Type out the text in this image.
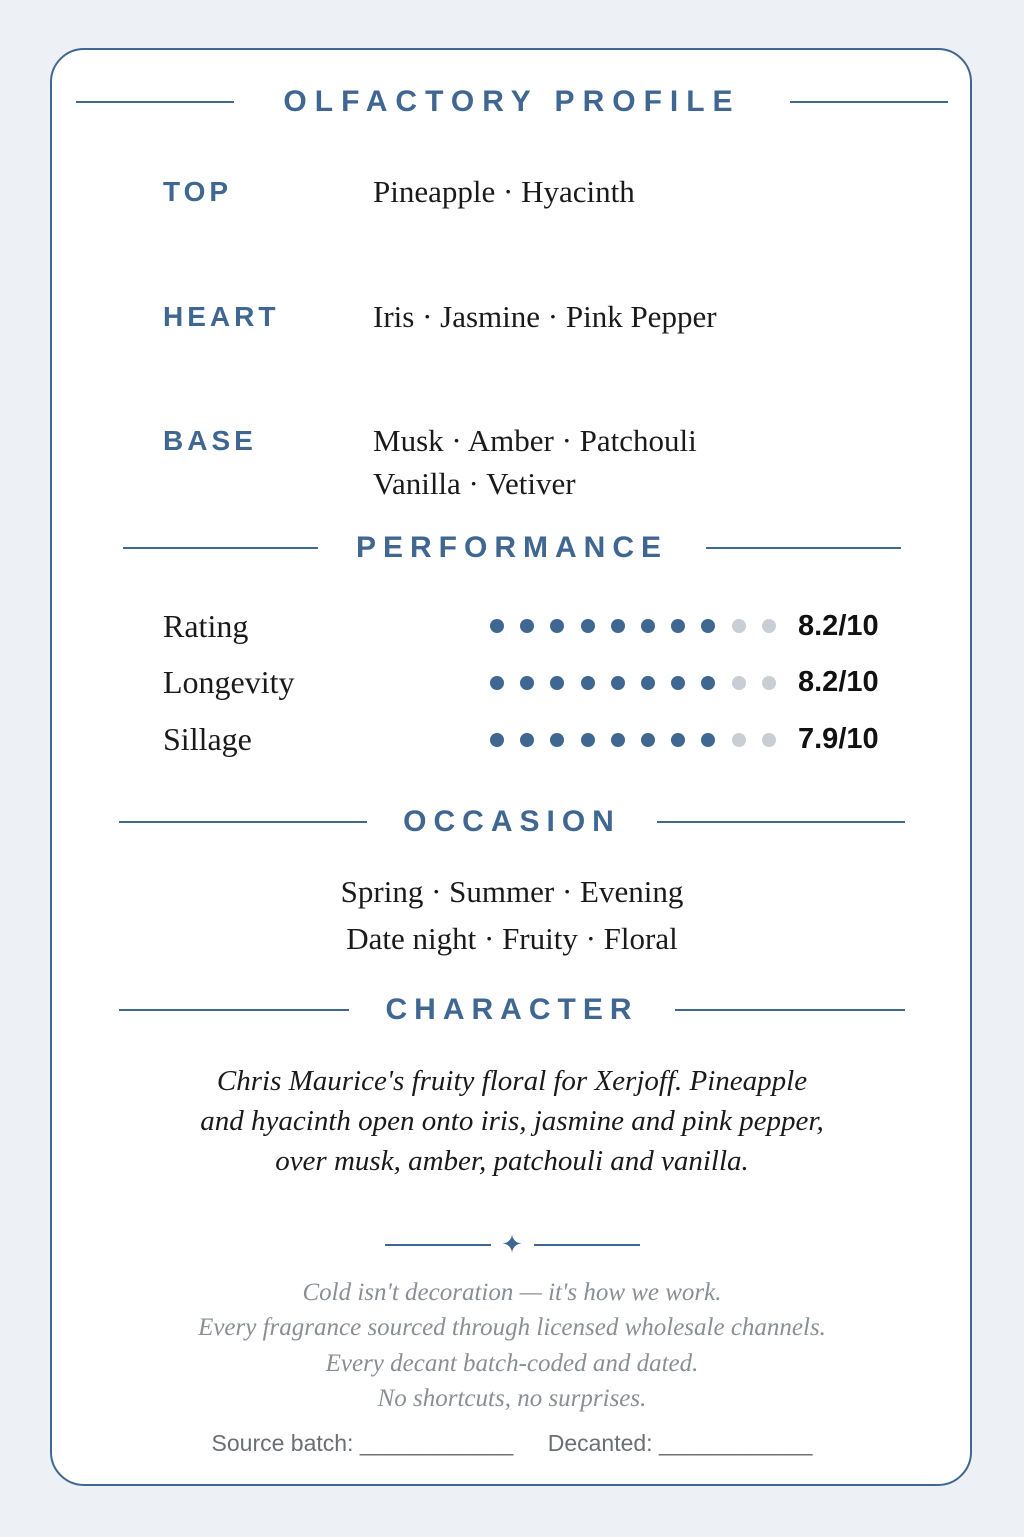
OLFACTORY PROFILE
TOP	Pineapple · Hyacinth
HEART	Iris · Jasmine · Pink Pepper
BASE	Musk · Amber · Patchouli
Vanilla · Vetiver
PERFORMANCE
Rating	8.2/10
Longevity	8.2/10
Sillage	7.9/10
OCCASION
Spring · Summer · Evening
Date night · Fruity · Floral
CHARACTER
Chris Maurice's fruity floral for Xerjoff. Pineapple
and hyacinth open onto iris, jasmine and pink pepper,
over musk, amber, patchouli and vanilla.
✦
Cold isn't decoration — it's how we work.
Every fragrance sourced through licensed wholesale channels.
Every decant batch-coded and dated.
No shortcuts, no surprises.
Source batch: ____________ Decanted: ____________
